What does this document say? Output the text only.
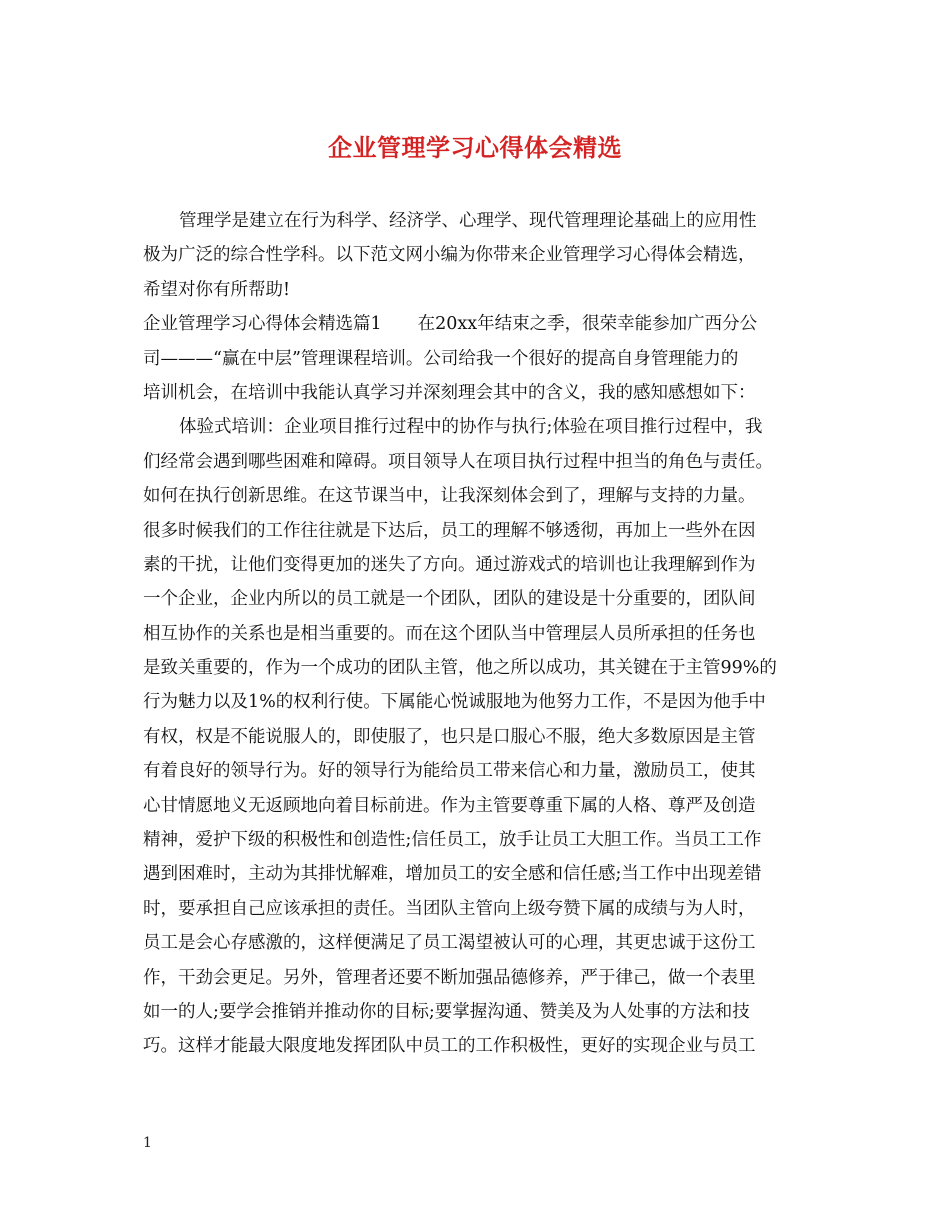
企业管理学习心得体会精选
管理学是建立在行为科学、经济学、心理学、现代管理理论基础上的应用性
极为广泛的综合性学科。以下范文网小编为你带来企业管理学习心得体会精选，
希望对你有所帮助!
企业管理学习心得体会精选篇1 在20xx年结束之季，很荣幸能参加广西分公
司———“赢在中层”管理课程培训。公司给我一个很好的提高自身管理能力的
培训机会，在培训中我能认真学习并深刻理会其中的含义，我的感知感想如下：
体验式培训：企业项目推行过程中的协作与执行;体验在项目推行过程中，我
们经常会遇到哪些困难和障碍。项目领导人在项目执行过程中担当的角色与责任。
如何在执行创新思维。在这节课当中，让我深刻体会到了，理解与支持的力量。
很多时候我们的工作往往就是下达后，员工的理解不够透彻，再加上一些外在因
素的干扰，让他们变得更加的迷失了方向。通过游戏式的培训也让我理解到作为
一个企业，企业内所以的员工就是一个团队，团队的建设是十分重要的，团队间
相互协作的关系也是相当重要的。而在这个团队当中管理层人员所承担的任务也
是致关重要的，作为一个成功的团队主管，他之所以成功，其关键在于主管99%的
行为魅力以及1%的权利行使。下属能心悦诚服地为他努力工作，不是因为他手中
有权，权是不能说服人的，即使服了，也只是口服心不服，绝大多数原因是主管
有着良好的领导行为。好的领导行为能给员工带来信心和力量，激励员工，使其
心甘情愿地义无返顾地向着目标前进。作为主管要尊重下属的人格、尊严及创造
精神，爱护下级的积极性和创造性;信任员工，放手让员工大胆工作。当员工工作
遇到困难时，主动为其排忧解难，增加员工的安全感和信任感;当工作中出现差错
时，要承担自己应该承担的责任。当团队主管向上级夸赞下属的成绩与为人时，
员工是会心存感激的，这样便满足了员工渴望被认可的心理，其更忠诚于这份工
作，干劲会更足。另外，管理者还要不断加强品德修养，严于律己，做一个表里
如一的人;要学会推销并推动你的目标;要掌握沟通、赞美及为人处事的方法和技
巧。这样才能最大限度地发挥团队中员工的工作积极性，更好的实现企业与员工
1
